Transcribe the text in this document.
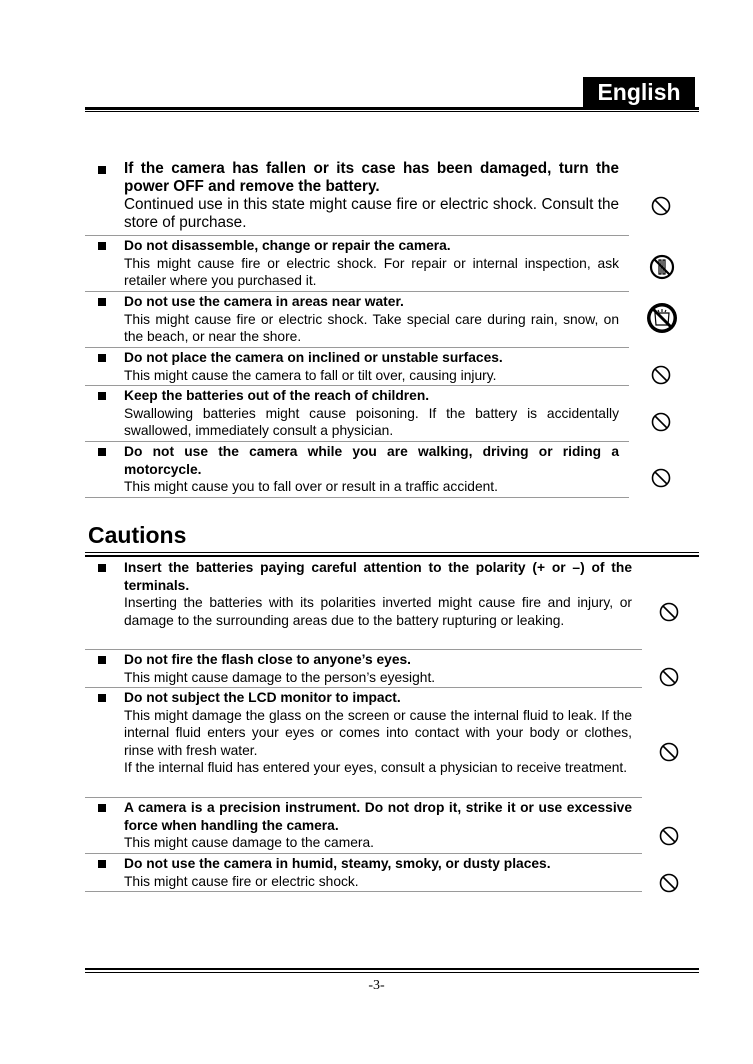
English
If the camera has fallen or its case has been damaged, turn the power OFF and remove the battery.
Continued use in this state might cause fire or electric shock. Consult the store of purchase.
Do not disassemble, change or repair the camera.
This might cause fire or electric shock. For repair or internal inspection, ask retailer where you purchased it.
Do not use the camera in areas near water.
This might cause fire or electric shock. Take special care during rain, snow, on the beach, or near the shore.
Do not place the camera on inclined or unstable surfaces.
This might cause the camera to fall or tilt over, causing injury.
Keep the batteries out of the reach of children.
Swallowing batteries might cause poisoning. If the battery is accidentally swallowed, immediately consult a physician.
Do not use the camera while you are walking, driving or riding a motorcycle.
This might cause you to fall over or result in a traffic accident.
Cautions
Insert the batteries paying careful attention to the polarity (+ or –) of the terminals.
Inserting the batteries with its polarities inverted might cause fire and injury, or damage to the surrounding areas due to the battery rupturing or leaking.
Do not fire the flash close to anyone’s eyes.
This might cause damage to the person’s eyesight.
Do not subject the LCD monitor to impact.
This might damage the glass on the screen or cause the internal fluid to leak. If the internal fluid enters your eyes or comes into contact with your body or clothes, rinse with fresh water.
If the internal fluid has entered your eyes, consult a physician to receive treatment.
A camera is a precision instrument. Do not drop it, strike it or use excessive force when handling the camera.
This might cause damage to the camera.
Do not use the camera in humid, steamy, smoky, or dusty places.
This might cause fire or electric shock.
-3-
